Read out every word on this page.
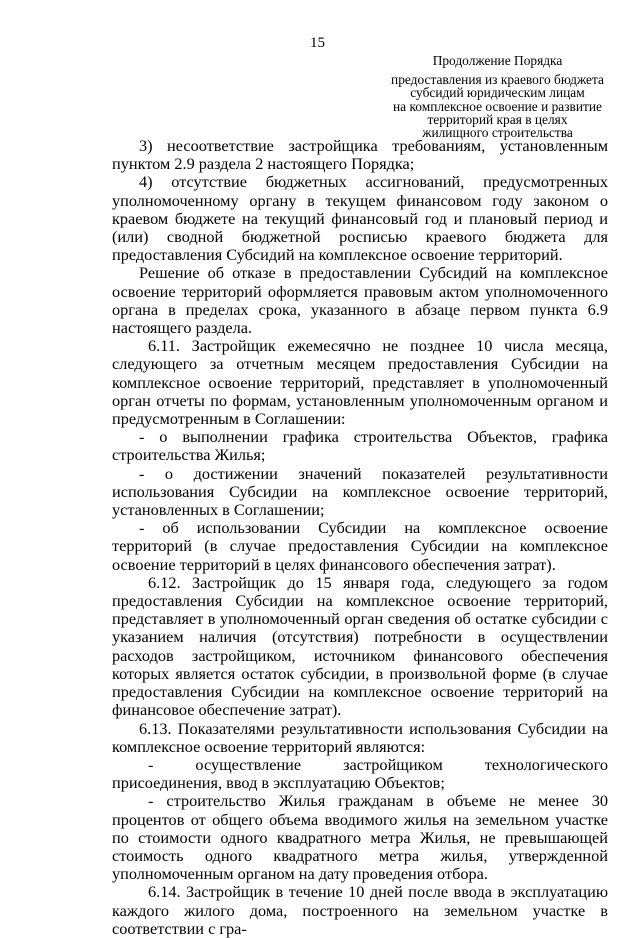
15
Продолжение Порядка
предоставления из краевого бюджета
субсидий юридическим лицам
на комплексное освоение и развитие
территорий края в целях
жилищного строительства

3) несоответствие застройщика требованиям, установленным пунктом 2.9 раздела 2 настоящего Порядка;

4) отсутствие бюджетных ассигнований, предусмотренных уполномоченному органу в текущем финансовом году законом о краевом бюджете на текущий финансовый год и плановый период и (или) сводной бюджетной росписью краевого бюджета для предоставления Субсидий на комплексное освоение территорий.

Решение об отказе в предоставлении Субсидий на комплексное освоение территорий оформляется правовым актом уполномоченного органа в пределах срока, указанного в абзаце первом пункта 6.9 настоящего раздела.

6.11. Застройщик ежемесячно не позднее 10 числа месяца, следующего за отчетным месяцем предоставления Субсидии на комплексное освоение территорий, представляет в уполномоченный орган отчеты по формам, установленным уполномоченным органом и предусмотренным в Соглашении:

- о выполнении графика строительства Объектов, графика строительства Жилья;

- о достижении значений показателей результативности использования Субсидии на комплексное освоение территорий, установленных в Соглашении;

- об использовании Субсидии на комплексное освоение территорий (в случае предоставления Субсидии на комплексное освоение территорий в целях финансового обеспечения затрат).

6.12. Застройщик до 15 января года, следующего за годом предоставления Субсидии на комплексное освоение территорий, представляет в уполномоченный орган сведения об остатке субсидии с указанием наличия (отсутствия) потребности в осуществлении расходов застройщиком, источником финансового обеспечения которых является остаток субсидии, в произвольной форме (в случае предоставления Субсидии на комплексное освоение территорий на финансовое обеспечение затрат).

6.13. Показателями результативности использования Субсидии на комплексное освоение территорий являются:

- осуществление застройщиком технологического присоединения, ввод в эксплуатацию Объектов;

- строительство Жилья гражданам в объеме не менее 30 процентов от общего объема вводимого жилья на земельном участке по стоимости одного квадратного метра Жилья, не превышающей стоимость одного квадратного метра жилья, утвержденной уполномоченным органом на дату проведения отбора.

6.14. Застройщик в течение 10 дней после ввода в эксплуатацию каждого жилого дома, построенного на земельном участке в соответствии с гра-
